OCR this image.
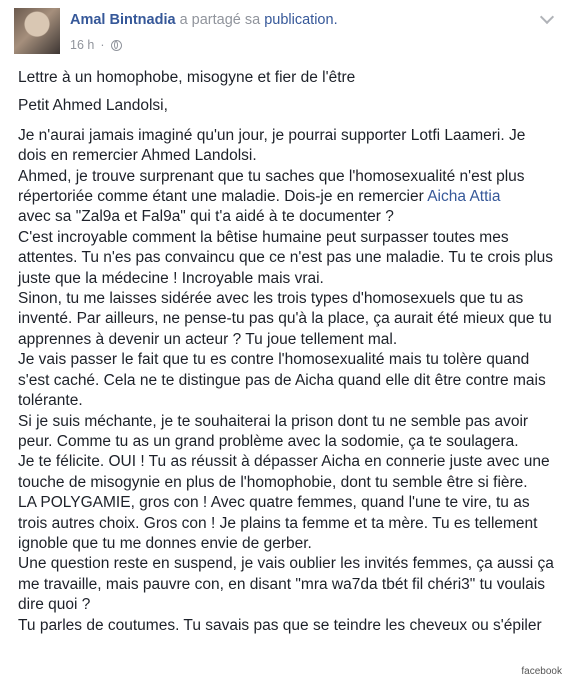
Amal Bintnadia a partagé sa publication.
16 h ·

Lettre à un homophobe, misogyne et fier de l'être

Petit Ahmed Landolsi,

Je n'aurai jamais imaginé qu'un jour, je pourrai supporter Lotfi Laameri. Je dois en remercier Ahmed Landolsi.

Ahmed, je trouve surprenant que tu saches que l'homosexualité n'est plus répertoriée comme étant une maladie. Dois-je en remercier Aicha Attia
avec sa "Zal9a et Fal9a" qui t'a aidé à te documenter ?

C'est incroyable comment la bêtise humaine peut surpasser toutes mes attentes. Tu n'es pas convaincu que ce n'est pas une maladie. Tu te crois plus juste que la médecine ! Incroyable mais vrai.

Sinon, tu me laisses sidérée avec les trois types d'homosexuels que tu as inventé. Par ailleurs, ne pense-tu pas qu'à la place, ça aurait été mieux que tu apprennes à devenir un acteur ? Tu joue tellement mal.

Je vais passer le fait que tu es contre l'homosexualité mais tu tolère quand s'est caché. Cela ne te distingue pas de Aicha quand elle dit être contre mais tolérante.

Si je suis méchante, je te souhaiterai la prison dont tu ne semble pas avoir peur. Comme tu as un grand problème avec la sodomie, ça te soulagera.

Je te félicite. OUI ! Tu as réussit à dépasser Aicha en connerie juste avec une touche de misogynie en plus de l'homophobie, dont tu semble être si fière.

LA POLYGAMIE, gros con ! Avec quatre femmes, quand l'une te vire, tu as trois autres choix. Gros con ! Je plains ta femme et ta mère. Tu es tellement ignoble que tu me donnes envie de gerber.

Une question reste en suspend, je vais oublier les invités femmes, ça aussi ça me travaille, mais pauvre con, en disant "mra wa7da tbét fil chéri3" tu voulais dire quoi ?

Tu parles de coutumes. Tu savais pas que se teindre les cheveux ou s'épiler

facebook
